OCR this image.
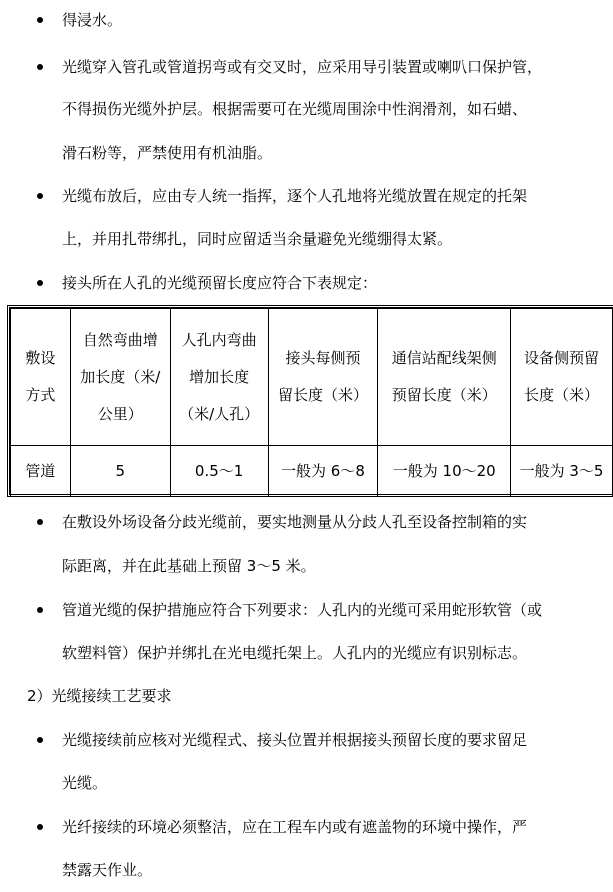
得浸水。
光缆穿入管孔或管道拐弯或有交叉时，应采用导引装置或喇叭口保护管，
不得损伤光缆外护层。根据需要可在光缆周围涂中性润滑剂，如石蜡、
滑石粉等，严禁使用有机油脂。
光缆布放后，应由专人统一指挥，逐个人孔地将光缆放置在规定的托架
上，并用扎带绑扎，同时应留适当余量避免光缆绷得太紧。
接头所在人孔的光缆预留长度应符合下表规定：
敷设
方式	自然弯曲增
加长度（米/
公里）	人孔内弯曲
增加长度
（米/人孔）	接头每侧预
留长度（米）	通信站配线架侧
预留长度（米）	设备侧预留
长度（米）

管道	5	0.5～1	一般为 6～8	一般为 10～20	一般为 3～5
在敷设外场设备分歧光缆前，要实地测量从分歧人孔至设备控制箱的实
际距离，并在此基础上预留 3～5 米。
管道光缆的保护措施应符合下列要求：人孔内的光缆可采用蛇形软管（或
软塑料管）保护并绑扎在光电缆托架上。人孔内的光缆应有识别标志。
2）光缆接续工艺要求
光缆接续前应核对光缆程式、接头位置并根据接头预留长度的要求留足
光缆。
光纤接续的环境必须整洁，应在工程车内或有遮盖物的环境中操作，严
禁露天作业。
